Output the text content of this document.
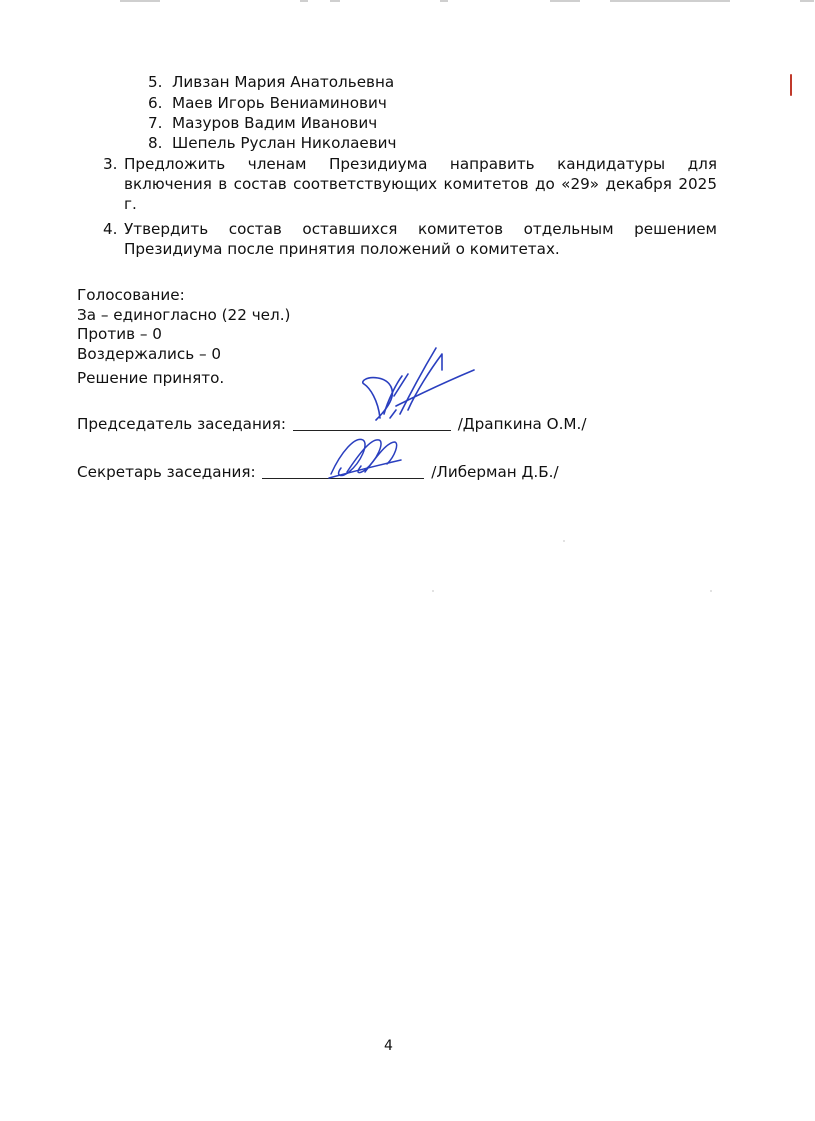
5. Ливзан Мария Анатольевна
6. Маев Игорь Вениаминович
7. Мазуров Вадим Иванович
8. Шепель Руслан Николаевич
3. Предложить членам Президиума направить кандидатуры для
включения в состав соответствующих комитетов до «29» декабря 2025
г.
4. Утвердить состав оставшихся комитетов отдельным решением
Президиума после принятия положений о комитетах.
Голосование:
За – единогласно (22 чел.)
Против – 0
Воздержались – 0
Решение принято.
Председатель заседания:	/Драпкина О.М./
Секретарь заседания:	/Либерман Д.Б./
4
